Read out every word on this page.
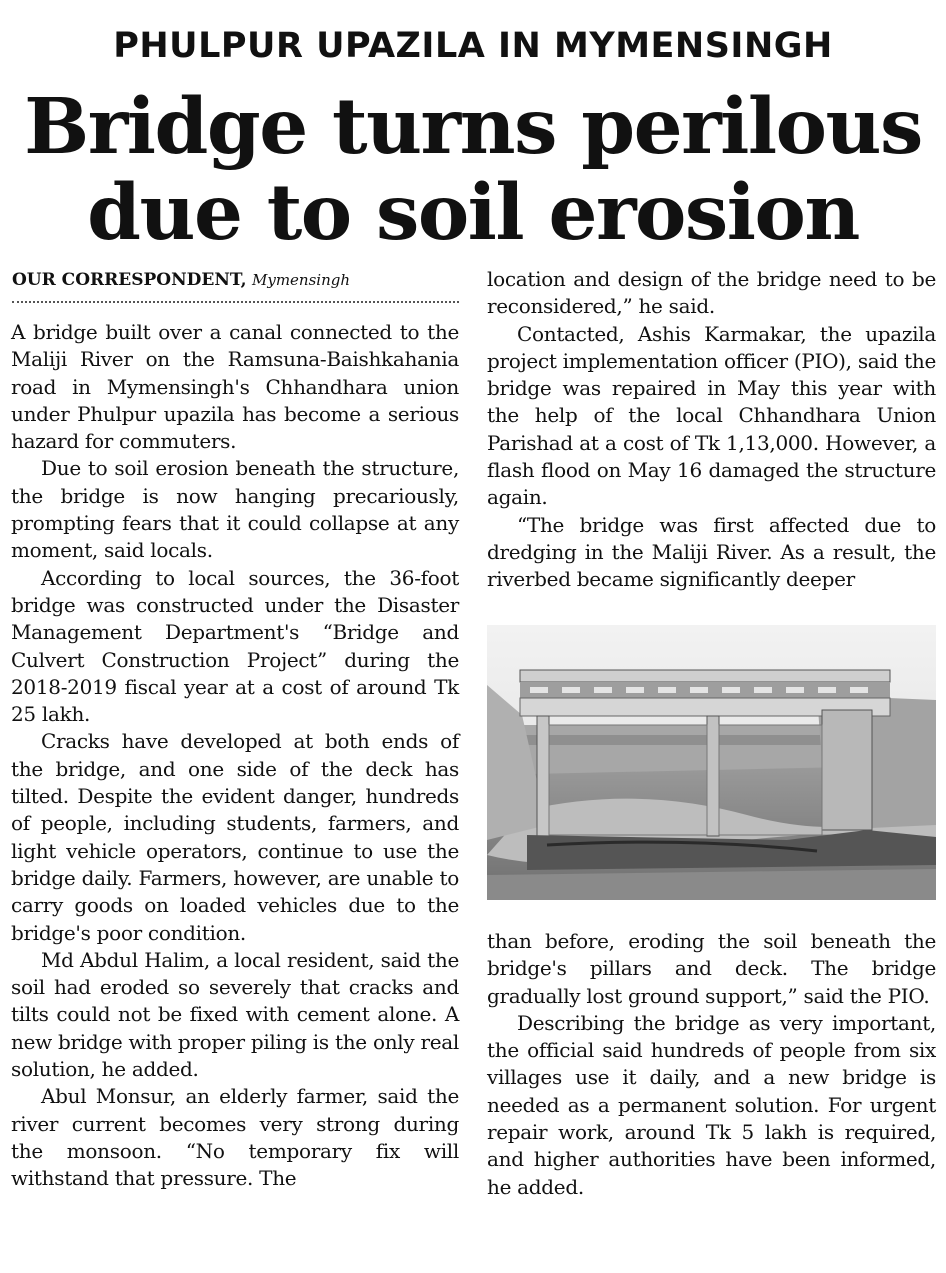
PHULPUR UPAZILA IN MYMENSINGH
Bridge turns perilous
due to soil erosion
OUR CORRESPONDENT, Mymensingh

A bridge built over a canal connected to the Maliji River on the Ramsuna-Baishkahania road in Mymensingh's Chhandhara union under Phulpur upazila has become a serious hazard for commuters.

Due to soil erosion beneath the structure, the bridge is now hanging precariously, prompting fears that it could collapse at any moment, said locals.

According to local sources, the 36-foot bridge was constructed under the Disaster Management Department's “Bridge and Culvert Construction Project” during the 2018-2019 fiscal year at a cost of around Tk 25 lakh.

Cracks have developed at both ends of the bridge, and one side of the deck has tilted. Despite the evident danger, hundreds of people, including students, farmers, and light vehicle operators, continue to use the bridge daily. Farmers, however, are unable to carry goods on loaded vehicles due to the bridge's poor condition.

Md Abdul Halim, a local resident, said the soil had eroded so severely that cracks and tilts could not be fixed with cement alone. A new bridge with proper piling is the only real solution, he added.

Abul Monsur, an elderly farmer, said the river current becomes very strong during the monsoon. “No temporary fix will withstand that pressure. The

location and design of the bridge need to be reconsidered,” he said.

Contacted, Ashis Karmakar, the upazila project implementation officer (PIO), said the bridge was repaired in May this year with the help of the local Chhandhara Union Parishad at a cost of Tk 1,13,000. However, a flash flood on May 16 damaged the structure again.

“The bridge was first affected due to dredging in the Maliji River. As a result, the riverbed became significantly deeper

than before, eroding the soil beneath the bridge's pillars and deck. The bridge gradually lost ground support,” said the PIO.

Describing the bridge as very important, the official said hundreds of people from six villages use it daily, and a new bridge is needed as a permanent solution. For urgent repair work, around Tk 5 lakh is required, and higher authorities have been informed, he added.
